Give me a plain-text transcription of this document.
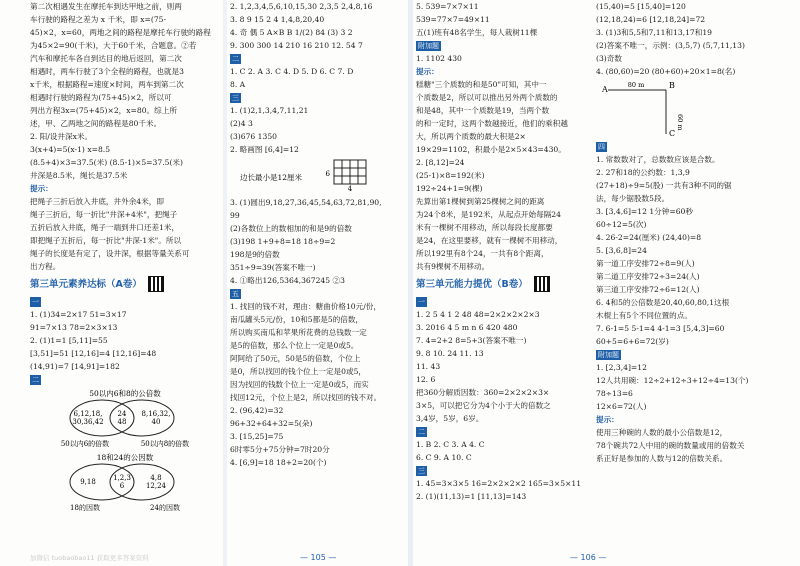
第二次相遇发生在摩托车到达甲地之前，则两
车行驶的路程之差为 x 千米，即 x=(75-
45)×2，x=60，两地之间的路程是摩托车行驶的路程
为45×2=90(千米)，大于60千米，合题意。②若
汽车和摩托车各自到达目的地后返回，第二次
相遇时，两车行驶了3个全程的路程，也就是3
x千米，根据路程=速度×时间，两车到第二次
相遇时行驶的路程为(75+45)×2，所以可
列出方程3x=(75+45)×2，x=80。综上所
述，甲、乙两地之间的路程是80千米。
2. 阳/设井深x米。
3(x+4)=5(x-1) x=8.5
(8.5+4)×3=37.5(米) (8.5-1)×5=37.5(米)
井深是8.5米，绳长是37.5米
提示：
把绳子三折后放入井底，井外余4米，即
绳子三折后，每一折比"井深+4米"，把绳子
五折后放入井底，绳子一端到井口还差1米，
即把绳子五折后，每一折比"井深-1米"。所以
绳子的长度是有定了，设井深，根据等量关系可
出方程。
第三单元素养达标（A卷）
一
1. (1)34=2×17 51=3×17
91=7×13 78=2×3×13
2. (1)1=1 [5,11]=55
[3,51]=51 [12,16]=4 [12,16]=48
(14,91)=7 [14,91]=182
二
50以内6和8的公倍数
6,12,18,
30,36,42
24
48
8,16,32,
40
50以内6的倍数	50以内8的倍数
18和24的公因数
9,18 1,2,3
6
4,8
12,24
18的因数	24的因数
2. 1,2,3,4,5,6,10,15,30 2,3,5 2,4,8,16
3. 8 9 15 2 4 1,4,8,20,40
4. 奇 偶 5 A×B B 1/(2) 84 (3) 3 2
9. 300 300 14 210 16 210 12. 54 7
二
1. C 2. A 3. C 4. D 5. D 6. C 7. D
8. A
三
1. (1)2,1,3,4,7,11,21
(2)4 3
(3)676 1350
2. 略画图 [6,4]=12
边长最小是12厘米
4
6
3. (1)圆出9,18,27,36,45,54,63,72,81,90,
99
(2)各数位上的数相加的和是9的倍数
(3)198 1+9+8=18 18÷9=2
198是9的倍数
351÷9=39(答案不唯一)
4. ①略出126,5364,367245 ②3
五
1. 找回的钱不对，理由：糖曲价格10元/份，
南瓜罐头5元/份，10和5都是5的倍数，
所以购买南瓜和苹果所花费的总钱数一定
是5的倍数，那么个位上一定是0或5。
阿阿给了50元，50是5的倍数，个位上
是0，所以找回的钱个位上一定是0或5，
因为找回的钱数个位上一定是0或5，而实
找回12元，个位上是2，所以找回的钱不对。
2. (96,42)=32
96+32+64+32=5(朵)
3. [15,25]=75
6时零5分+75分钟=7时20分
4. [6,9]=18 18+2=20(个)
— 105 —
5. 539=7×7×11
539=77×7=49×11
五(1)班有48名学生，每人栽树11棵
附加题
1. 1102 430
提示：
糕糖"三个质数的和是50"可知，其中一
个质数是2，所以可以推出另外两个质数的
和是48，其中一个质数是19，当两个数
的和一定时，这两个数越接近，他们的乘积越
大，所以两个质数的最大积是2×
19×29=1102，积最小是2×5×43=430。
2. [8,12]=24
(25-1)×8=192(米)
192÷24+1=9(棵)
先算出第1棵树到第25棵树之间的距离
为24个8米，是192米，从起点开始每隔24
米有一棵树不用移动，所以每段长度都要
是24，在这里要移，就有一棵树不用移动，
所以192里有8个24，一共有8个距离，
共有9棵树不用移动。
第三单元能力提优（B卷）
一
1. 2 5 4 1 2 48 48=2×2×2×2×3
3. 2016 4 5 m n 6 420 480
7. 4=2+2 8=5+3(答案不唯一)
9. 8 10. 24 11. 13
11. 43
12. 6
把360分解质因数：360=2×2×2×3×
3×5，可以把它分为4个小于大的倍数之
3,4岁，5岁，6岁。
二
1. B 2. C 3. A 4. C
6. C 9. A 10. C
三
1. 45=3×3×5 16=2×2×2×2 165=3×5×11
2. (1)(11,13)=1 [11,13]=143
— 106 —
(15,40)=5 [15,40]=120
(12,18,24)=6 [12,18,24]=72
3. (1)3和5,5和7,11和13,17和19
(2)答案不唯一，示例：(3,5,7) (5,7,11,13)
(3)奇数
4. (80,60)=20 (80+60)+20×1=8(名)
A	B
C
80 m
60 m
四
1. 常数数对了，总数数应该是合数。
2. 27和18的公约数：1,3,9
(27+18)÷9=5(股) 一共有3种不同的锯
法，每少锯股数5段。
3. [3,4,6]=12 1分钟=60秒
60÷12=5(次)
4. 26-2=24(厘米) (24,40)=8
5. [3,6,8]=24
第一道工序安排72÷8=9(人)
第二道工序安排72÷3=24(人)
第三道工序安排72÷6=12(人)
6. 4和5的公倍数是20,40,60,80,1这根
木棍上有5个不同位置的点。
7. 6-1=5 5-1=4 4-1=3 [5,4,3]=60
60+5=6+6=72(岁)
附加题
1. [2,3,4]=12
12人共用碗：12÷2+12÷3+12÷4=13(个)
78÷13=6
12×6=72(人)
提示：
使用三种碗的人数的最小公倍数是12，
78个碗共72人中用的碗的数量或用的倍数关
系正好是参加的人数与12的倍数关系。
加微信 tuobaobao11 获取更多答案资料
